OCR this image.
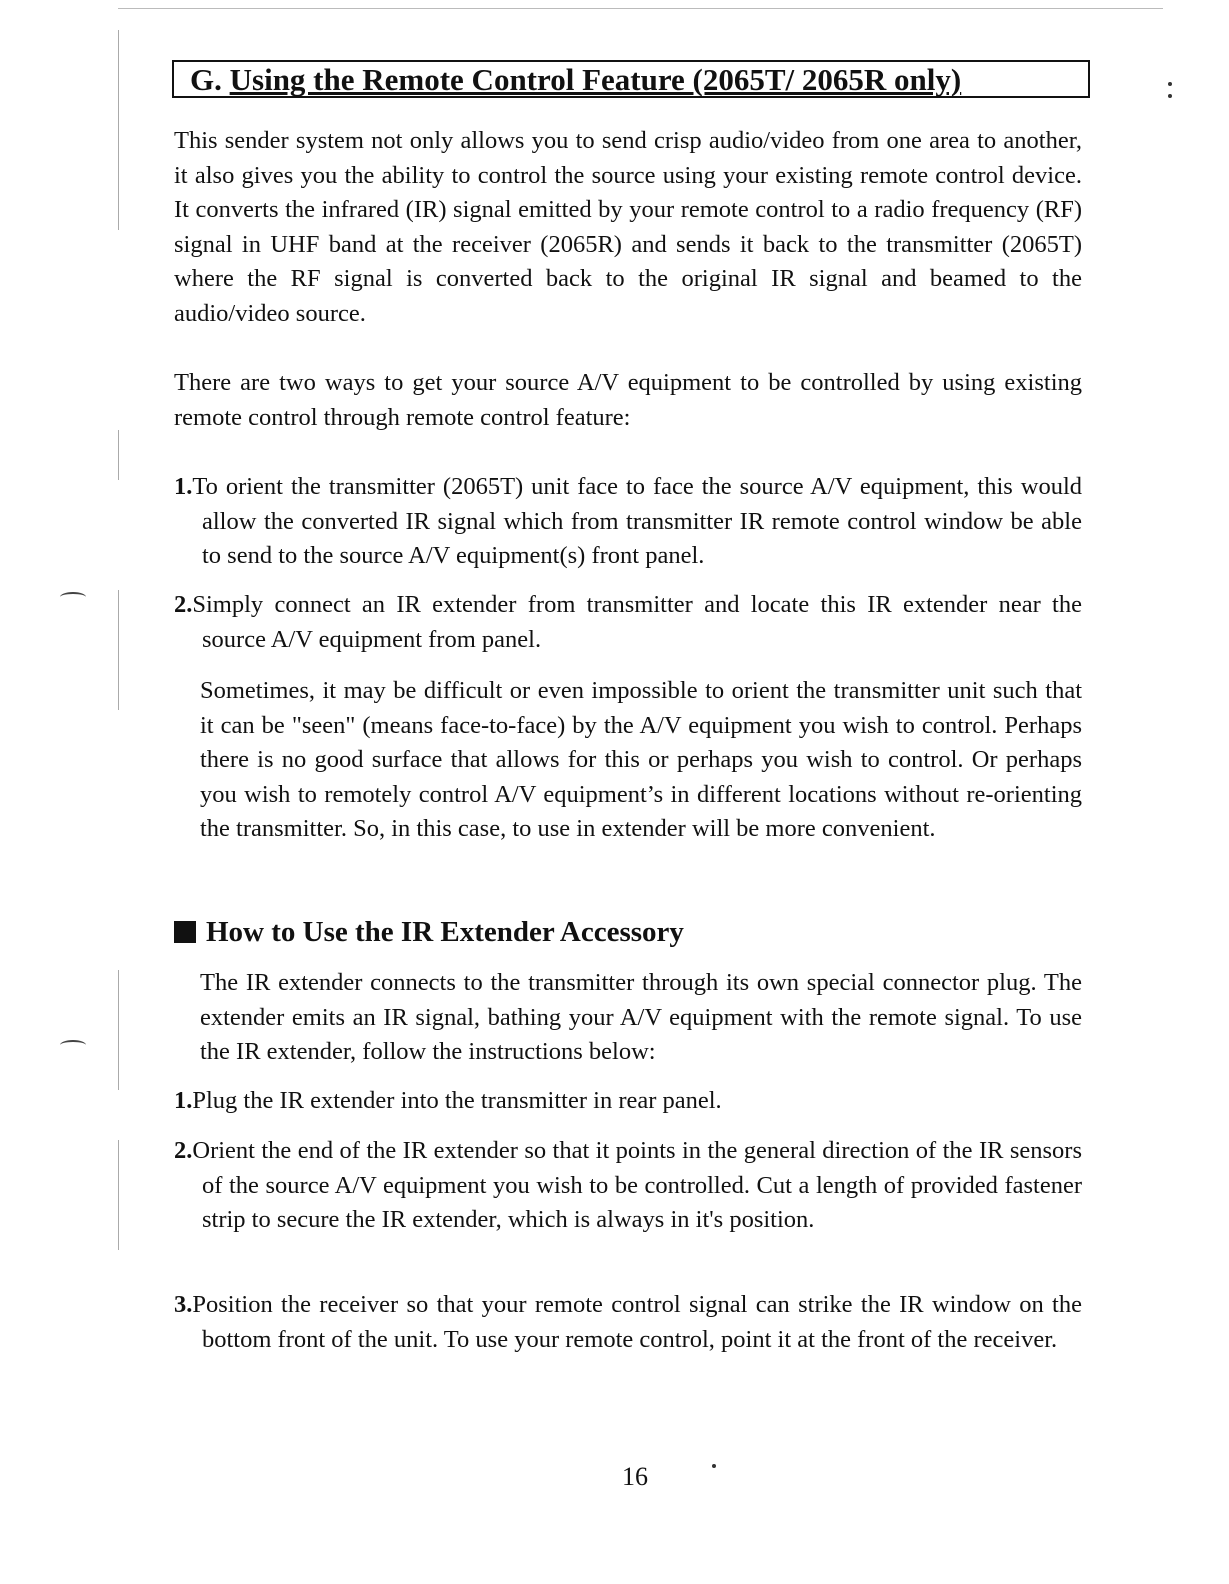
G. Using the Remote Control Feature (2065T/ 2065R only)

This sender system not only allows you to send crisp audio/video from one area to another, it also gives you the ability to control the source using your existing remote control device. It converts the infrared (IR) signal emitted by your remote control to a radio frequency (RF) signal in UHF band at the receiver (2065R) and sends it back to the transmitter (2065T) where the RF signal is converted back to the original IR signal and beamed to the audio/video source.

There are two ways to get your source A/V equipment to be controlled by using existing remote control through remote control feature:

1.To orient the transmitter (2065T) unit face to face the source A/V equipment, this would allow the converted IR signal which from transmitter IR remote control window be able to send to the source A/V equipment(s) front panel.

2.Simply connect an IR extender from transmitter and locate this IR extender near the source A/V equipment from panel.

Sometimes, it may be difficult or even impossible to orient the transmitter unit such that it can be "seen" (means face-to-face) by the A/V equipment you wish to control. Perhaps there is no good surface that allows for this or perhaps you wish to control. Or perhaps you wish to remotely control A/V equipment’s in different locations without re-orienting the transmitter. So, in this case, to use in extender will be more convenient.

How to Use the IR Extender Accessory

The IR extender connects to the transmitter through its own special connector plug. The extender emits an IR signal, bathing your A/V equipment with the remote signal. To use the IR extender, follow the instructions below:

1.Plug the IR extender into the transmitter in rear panel.

2.Orient the end of the IR extender so that it points in the general direction of the IR sensors of the source A/V equipment you wish to be controlled. Cut a length of provided fastener strip to secure the IR extender, which is always in it's position.

3.Position the receiver so that your remote control signal can strike the IR window on the bottom front of the unit. To use your remote control, point it at the front of the receiver.

16
